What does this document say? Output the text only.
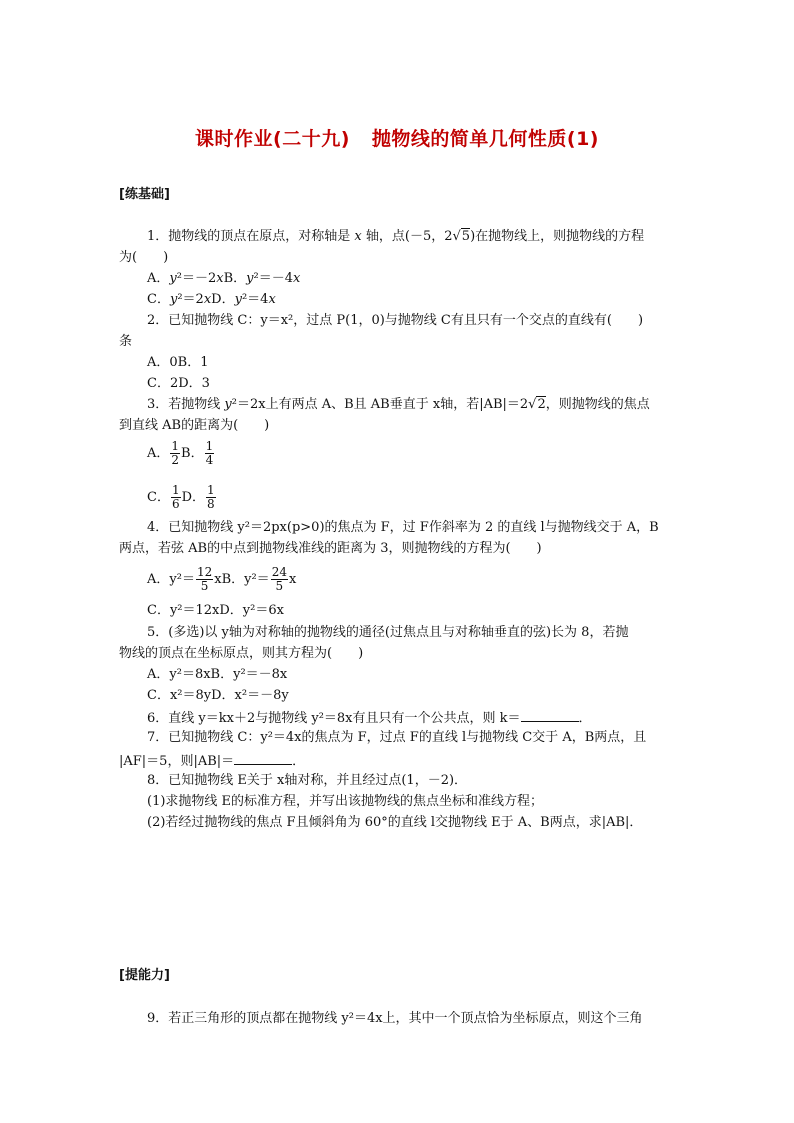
课时作业(二十九) 抛物线的简单几何性质(1)
[练基础]
1．抛物线的顶点在原点，对称轴是 x 轴，点(－5，2√5)在抛物线上，则抛物线的方程
为(　　)
A．y²＝－2xB．y²＝－4x
C．y²＝2xD．y²＝4x
2．已知抛物线 C：y＝x²，过点 P(1，0)与抛物线 C有且只有一个交点的直线有(　　)
条
A．0B．1
C．2D．3
3．若抛物线 y²＝2x上有两点 A、B且 AB垂直于 x轴，若|AB|＝2√2，则抛物线的焦点
到直线 AB的距离为(　　)
A． $\frac{1}{2}$ B． $\frac{1}{4}$
C． $\frac{1}{6}$ D． $\frac{1}{8}$
4．已知抛物线 y²＝2px(p>0)的焦点为 F，过 F作斜率为 2 的直线 l与抛物线交于 A，B
两点，若弦 AB的中点到抛物线准线的距离为 3，则抛物线的方程为(　　)
A．$y^2= \frac{12}{5}$ xB．$y^2= \frac{24}{5}$ x
C．y²＝12xD．y²＝6x
5．(多选)以 y轴为对称轴的抛物线的通径(过焦点且与对称轴垂直的弦)长为 8，若抛
物线的顶点在坐标原点，则其方程为(　　)
A．y²＝8xB．y²＝－8x
C．x²＝8yD．x²＝－8y
6．直线 y＝kx＋2与抛物线 y²＝8x有且只有一个公共点，则 k＝	．
7．已知抛物线 C：y²＝4x的焦点为 F，过点 F的直线 l与抛物线 C交于 A，B两点，且
|AF|＝5，则|AB|＝	．
8．已知抛物线 E关于 x轴对称，并且经过点(1，－2)．
(1)求抛物线 E的标准方程，并写出该抛物线的焦点坐标和准线方程；
(2)若经过抛物线的焦点 F且倾斜角为 60°的直线 l交抛物线 E于 A、B两点，求|AB|．
[提能力]
9．若正三角形的顶点都在抛物线 y²＝4x上，其中一个顶点恰为坐标原点，则这个三角
